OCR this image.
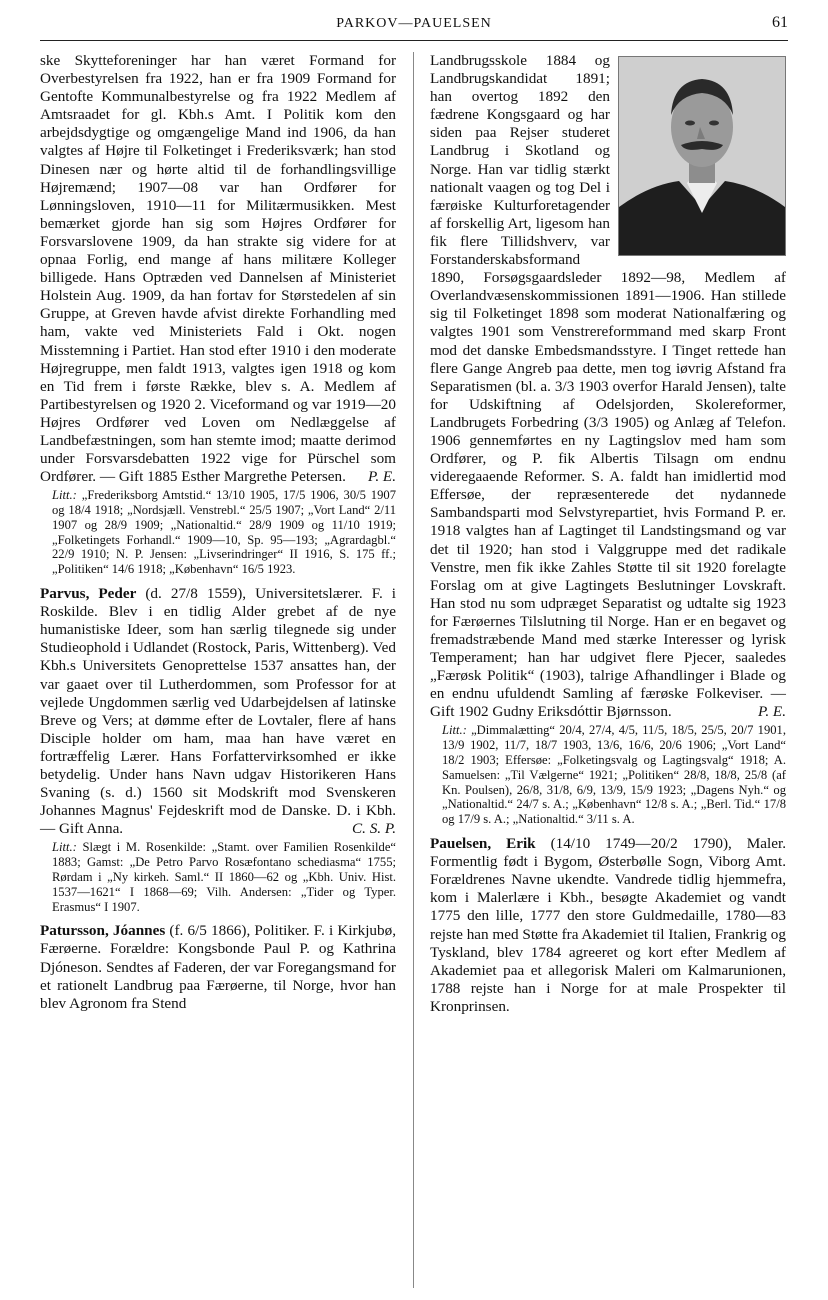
PARKOV—PAUELSEN	61

ske Skytteforeninger har han været Formand for Overbestyrelsen fra 1922, han er fra 1909 Formand for Gentofte Kommunalbestyrelse og fra 1922 Medlem af Amtsraadet for gl. Kbh.s Amt. I Politik kom den arbejdsdygtige og omgængelige Mand ind 1906, da han valgtes af Højre til Folketinget i Frederiksværk; han stod Dinesen nær og hørte altid til de forhandlingsvillige Højremænd; 1907—08 var han Ordfører for Lønningsloven, 1910—11 for Militærmusikken. Mest bemærket gjorde han sig som Højres Ordfører for Forsvarslovene 1909, da han strakte sig videre for at opnaa Forlig, end mange af hans militære Kolleger billigede. Hans Optræden ved Dannelsen af Ministeriet Holstein Aug. 1909, da han fortav for Størstedelen af sin Gruppe, at Greven havde afvist direkte Forhandling med ham, vakte ved Ministeriets Fald i Okt. nogen Misstemning i Partiet. Han stod efter 1910 i den moderate Højregruppe, men faldt 1913, valgtes igen 1918 og kom en Tid frem i første Række, blev s. A. Medlem af Partibestyrelsen og 1920 2. Viceformand og var 1919—20 Højres Ordfører ved Loven om Nedlæggelse af Landbefæstningen, som han stemte imod; maatte derimod under Forsvarsdebatten 1922 vige for Pürschel som Ordfører. — Gift 1885 Esther Margrethe Petersen.	P. E.

Litt.: „Frederiksborg Amtstid.“ 13/10 1905, 17/5 1906, 30/5 1907 og 18/4 1918; „Nordsjæll. Venstrebl.“ 25/5 1907; „Vort Land“ 2/11 1907 og 28/9 1909; „Nationaltid.“ 28/9 1909 og 11/10 1919; „Folketingets Forhandl.“ 1909—10, Sp. 95—193; „Agrardagbl.“ 22/9 1910; N. P. Jensen: „Livserindringer“ II 1916, S. 175 ff.; „Politiken“ 14/6 1918; „København“ 16/5 1923.

Parvus, Peder (d. 27/8 1559), Universitetslærer. F. i Roskilde. Blev i en tidlig Alder grebet af de nye humanistiske Ideer, som han særlig tilegnede sig under Studieophold i Udlandet (Rostock, Paris, Wittenberg). Ved Kbh.s Universitets Genoprettelse 1537 ansattes han, der var gaaet over til Lutherdommen, som Professor for at vejlede Ungdommen særlig ved Udarbejdelsen af latinske Breve og Vers; at dømme efter de Lovtaler, flere af hans Disciple holder om ham, maa han have været en fortræffelig Lærer. Hans Forfattervirksomhed er ikke betydelig. Under hans Navn udgav Historikeren Hans Svaning (s. d.) 1560 sit Modskrift mod Svenskeren Johannes Magnus' Fejdeskrift mod de Danske. D. i Kbh. — Gift Anna.	C. S. P.

Litt.: Slægt i M. Rosenkilde: „Stamt. over Familien Rosenkilde“ 1883; Gamst: „De Petro Parvo Rosæfontano schediasma“ 1755; Rørdam i „Ny kirkeh. Saml.“ II 1860—62 og „Kbh. Univ. Hist. 1537—1621“ I 1868—69; Vilh. Andersen: „Tider og Typer. Erasmus“ I 1907.

Patursson, Jóannes (f. 6/5 1866), Politiker. F. i Kirkjubø, Færøerne. Forældre: Kongsbonde Paul P. og Kathrina Djóneson. Sendtes af Faderen, der var Foregangsmand for et rationelt Landbrug paa Færøerne, til Norge, hvor han blev Agronom fra Stend

Landbrugsskole 1884 og Landbrugskandidat 1891; han overtog 1892 den fædrene Kongsgaard og har siden paa Rejser studeret Landbrug i Skotland og Norge. Han var tidlig stærkt nationalt vaagen og tog Del i færøiske Kulturforetagender af forskellig Art, ligesom han fik flere Tillidshverv, var Forstanderskabsformand 1890, Forsøgsgaardsleder 1892—98, Medlem af Overlandvæsenskommissionen 1891—1906. Han stillede sig til Folketinget 1898 som moderat Nationalfæring og valgtes 1901 som Venstrereformmand med skarp Front mod det danske Embedsmandsstyre. I Tinget rettede han flere Gange Angreb paa dette, men tog iøvrig Afstand fra Separatismen (bl. a. 3/3 1903 overfor Harald Jensen), talte for Udskiftning af Odelsjorden, Skolereformer, Landbrugets Forbedring (3/3 1905) og Anlæg af Telefon. 1906 gennemførtes en ny Lagtingslov med ham som Ordfører, og P. fik Albertis Tilsagn om endnu videregaaende Reformer. S. A. faldt han imidlertid mod Effersøe, der repræsenterede det nydannede Sambandsparti mod Selvstyrepartiet, hvis Formand P. er. 1918 valgtes han af Lagtinget til Landstingsmand og var det til 1920; han stod i Valggruppe med det radikale Venstre, men fik ikke Zahles Støtte til sit 1920 forelagte Forslag om at give Lagtingets Beslutninger Lovskraft. Han stod nu som udpræget Separatist og udtalte sig 1923 for Færøernes Tilslutning til Norge. Han er en begavet og fremadstræbende Mand med stærke Interesser og lyrisk Temperament; han har udgivet flere Pjecer, saaledes „Færøsk Politik“ (1903), talrige Afhandlinger i Blade og en endnu ufuldendt Samling af færøske Folkeviser. — Gift 1902 Gudny Eriksdóttir Bjørnsson.	P. E.

Litt.: „Dimmalætting“ 20/4, 27/4, 4/5, 11/5, 18/5, 25/5, 20/7 1901, 13/9 1902, 11/7, 18/7 1903, 13/6, 16/6, 20/6 1906; „Vort Land“ 18/2 1903; Effersøe: „Folketingsvalg og Lagtingsvalg“ 1918; A. Samuelsen: „Til Vælgerne“ 1921; „Politiken“ 28/8, 18/8, 25/8 (af Kn. Poulsen), 26/8, 31/8, 6/9, 13/9, 15/9 1923; „Dagens Nyh.“ og „Nationaltid.“ 24/7 s. A.; „København“ 12/8 s. A.; „Berl. Tid.“ 17/8 og 17/9 s. A.; „Nationaltid.“ 3/11 s. A.

Pauelsen, Erik (14/10 1749—20/2 1790), Maler. Formentlig født i Bygom, Østerbølle Sogn, Viborg Amt. Forældrenes Navne ukendte. Vandrede tidlig hjemmefra, kom i Malerlære i Kbh., besøgte Akademiet og vandt 1775 den lille, 1777 den store Guldmedaille, 1780—83 rejste han med Støtte fra Akademiet til Italien, Frankrig og Tyskland, blev 1784 agreeret og kort efter Medlem af Akademiet paa et allegorisk Maleri om Kalmarunionen, 1788 rejste han i Norge for at male Prospekter til Kronprinsen.
